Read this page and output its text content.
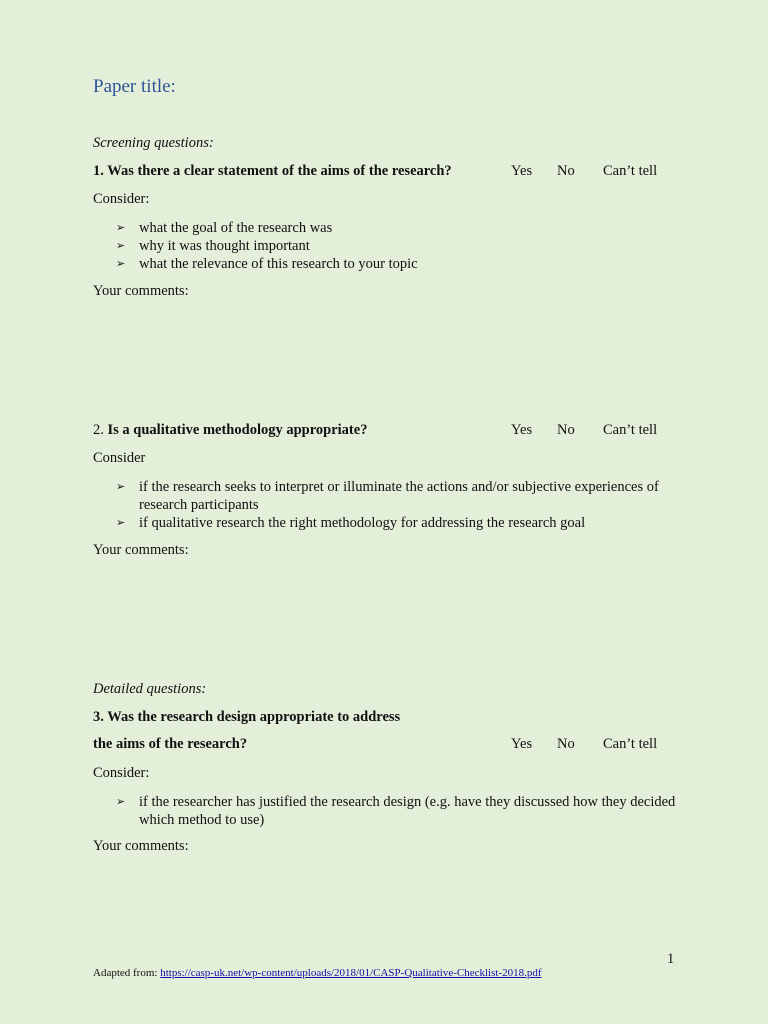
Paper title:
Screening questions:
1. Was there a clear statement of the aims of the research?	Yes No Can’t tell
Consider:
➢ what the goal of the research was
➢ why it was thought important
➢ what the relevance of this research to your topic
Your comments:
2. Is a qualitative methodology appropriate?	Yes No Can’t tell
Consider
➢ if the research seeks to interpret or illuminate the actions and/or subjective experiences of research participants
➢ if qualitative research the right methodology for addressing the research goal
Your comments:
Detailed questions:
3. Was the research design appropriate to address
the aims of the research?	Yes No Can’t tell
Consider:
➢ if the researcher has justified the research design (e.g. have they discussed how they decided which method to use)
Your comments:
1
Adapted from: https://casp-uk.net/wp-content/uploads/2018/01/CASP-Qualitative-Checklist-2018.pdf
